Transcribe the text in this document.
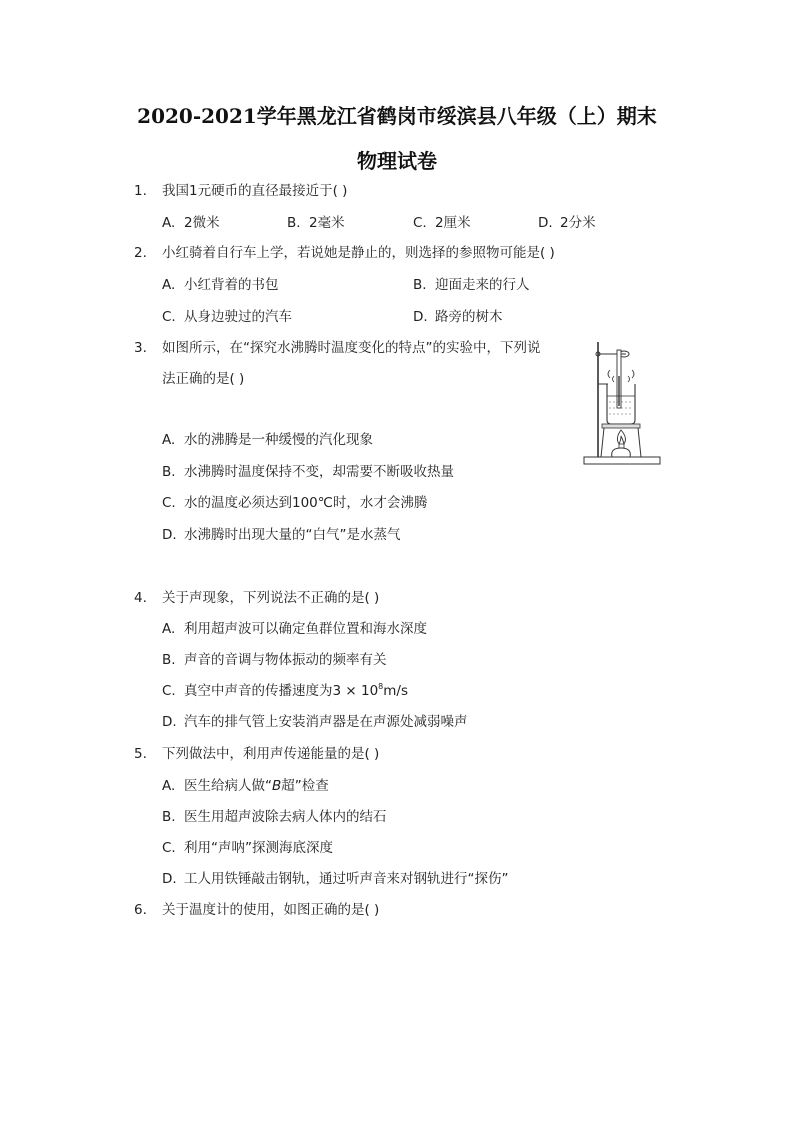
2020-2021学年黑龙江省鹤岗市绥滨县八年级（上）期末
物理试卷
1. 我国1元硬币的直径最接近于( )
A. 2微米	B. 2毫米	C. 2厘米	D. 2分米
2. 小红骑着自行车上学，若说她是静止的，则选择的参照物可能是( )
A. 小红背着的书包	B. 迎面走来的行人
C. 从身边驶过的汽车	D. 路旁的树木
3. 如图所示，在“探究水沸腾时温度变化的特点”的实验中，下列说
法正确的是( )
A. 水的沸腾是一种缓慢的汽化现象
B. 水沸腾时温度保持不变，却需要不断吸收热量
C. 水的温度必须达到100℃时，水才会沸腾
D. 水沸腾时出现大量的“白气”是水蒸气
4. 关于声现象，下列说法不正确的是( )
A. 利用超声波可以确定鱼群位置和海水深度
B. 声音的音调与物体振动的频率有关
C. 真空中声音的传播速度为$3 \times 10^8m/s$
D. 汽车的排气管上安装消声器是在声源处减弱噪声
5. 下列做法中，利用声传递能量的是( )
A. 医生给病人做“B超”检查
B. 医生用超声波除去病人体内的结石
C. 利用“声呐”探测海底深度
D. 工人用铁锤敲击钢轨，通过听声音来对钢轨进行“探伤”
6. 关于温度计的使用，如图正确的是( )
